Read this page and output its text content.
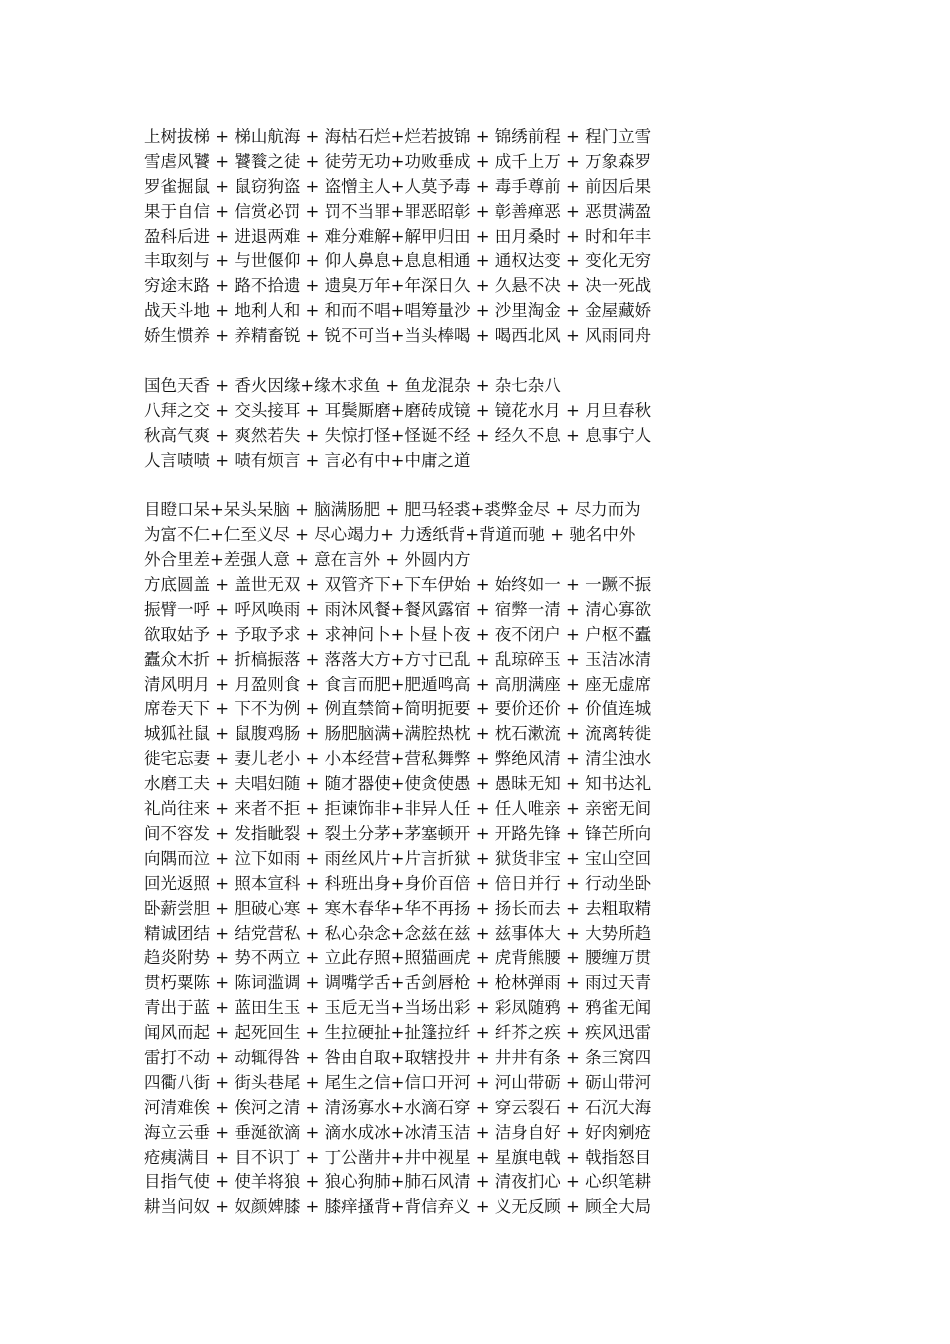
上树拔梯 + 梯山航海 + 海枯石烂+烂若披锦 + 锦绣前程 + 程门立雪
雪虐风饕 + 饕餮之徒 + 徒劳无功+功败垂成 + 成千上万 + 万象森罗
罗雀掘鼠 + 鼠窃狗盗 + 盗憎主人+人莫予毒 + 毒手尊前 + 前因后果
果于自信 + 信赏必罚 + 罚不当罪+罪恶昭彰 + 彰善瘅恶 + 恶贯满盈
盈科后进 + 进退两难 + 难分难解+解甲归田 + 田月桑时 + 时和年丰
丰取刻与 + 与世偃仰 + 仰人鼻息+息息相通 + 通权达变 + 变化无穷
穷途末路 + 路不拾遗 + 遗臭万年+年深日久 + 久悬不决 + 决一死战
战天斗地 + 地利人和 + 和而不唱+唱筹量沙 + 沙里淘金 + 金屋藏娇
娇生惯养 + 养精畜锐 + 锐不可当+当头棒喝 + 喝西北风 + 风雨同舟
国色天香 + 香火因缘+缘木求鱼 + 鱼龙混杂 + 杂七杂八
八拜之交 + 交头接耳 + 耳鬓厮磨+磨砖成镜 + 镜花水月 + 月旦春秋
秋高气爽 + 爽然若失 + 失惊打怪+怪诞不经 + 经久不息 + 息事宁人
人言啧啧 + 啧有烦言 + 言必有中+中庸之道
目瞪口呆+呆头呆脑 + 脑满肠肥 + 肥马轻裘+裘弊金尽 + 尽力而为
为富不仁+仁至义尽 + 尽心竭力+ 力透纸背+背道而驰 + 驰名中外
外合里差+差强人意 + 意在言外 + 外圆内方
方底圆盖 + 盖世无双 + 双管齐下+下车伊始 + 始终如一 + 一蹶不振
振臂一呼 + 呼风唤雨 + 雨沐风餐+餐风露宿 + 宿弊一清 + 清心寡欲
欲取姑予 + 予取予求 + 求神问卜+卜昼卜夜 + 夜不闭户 + 户枢不蠹
蠹众木折 + 折槁振落 + 落落大方+方寸已乱 + 乱琼碎玉 + 玉洁冰清
清风明月 + 月盈则食 + 食言而肥+肥遁鸣高 + 高朋满座 + 座无虚席
席卷天下 + 下不为例 + 例直禁简+简明扼要 + 要价还价 + 价值连城
城狐社鼠 + 鼠腹鸡肠 + 肠肥脑满+满腔热枕 + 枕石漱流 + 流离转徙
徙宅忘妻 + 妻儿老小 + 小本经营+营私舞弊 + 弊绝风清 + 清尘浊水
水磨工夫 + 夫唱妇随 + 随才器使+使贪使愚 + 愚昧无知 + 知书达礼
礼尚往来 + 来者不拒 + 拒谏饰非+非异人任 + 任人唯亲 + 亲密无间
间不容发 + 发指眦裂 + 裂土分茅+茅塞顿开 + 开路先锋 + 锋芒所向
向隅而泣 + 泣下如雨 + 雨丝风片+片言折狱 + 狱货非宝 + 宝山空回
回光返照 + 照本宣科 + 科班出身+身价百倍 + 倍日并行 + 行动坐卧
卧薪尝胆 + 胆破心寒 + 寒木春华+华不再扬 + 扬长而去 + 去粗取精
精诚团结 + 结党营私 + 私心杂念+念兹在兹 + 兹事体大 + 大势所趋
趋炎附势 + 势不两立 + 立此存照+照猫画虎 + 虎背熊腰 + 腰缠万贯
贯朽粟陈 + 陈词滥调 + 调嘴学舌+舌剑唇枪 + 枪林弹雨 + 雨过天青
青出于蓝 + 蓝田生玉 + 玉卮无当+当场出彩 + 彩凤随鸦 + 鸦雀无闻
闻风而起 + 起死回生 + 生拉硬扯+扯篷拉纤 + 纤芥之疾 + 疾风迅雷
雷打不动 + 动辄得咎 + 咎由自取+取辖投井 + 井井有条 + 条三窝四
四衢八街 + 街头巷尾 + 尾生之信+信口开河 + 河山带砺 + 砺山带河
河清难俟 + 俟河之清 + 清汤寡水+水滴石穿 + 穿云裂石 + 石沉大海
海立云垂 + 垂涎欲滴 + 滴水成冰+冰清玉洁 + 洁身自好 + 好肉剜疮
疮痍满目 + 目不识丁 + 丁公凿井+井中视星 + 星旗电戟 + 戟指怒目
目指气使 + 使羊将狼 + 狼心狗肺+肺石风清 + 清夜扪心 + 心织笔耕
耕当问奴 + 奴颜婢膝 + 膝痒搔背+背信弃义 + 义无反顾 + 顾全大局
